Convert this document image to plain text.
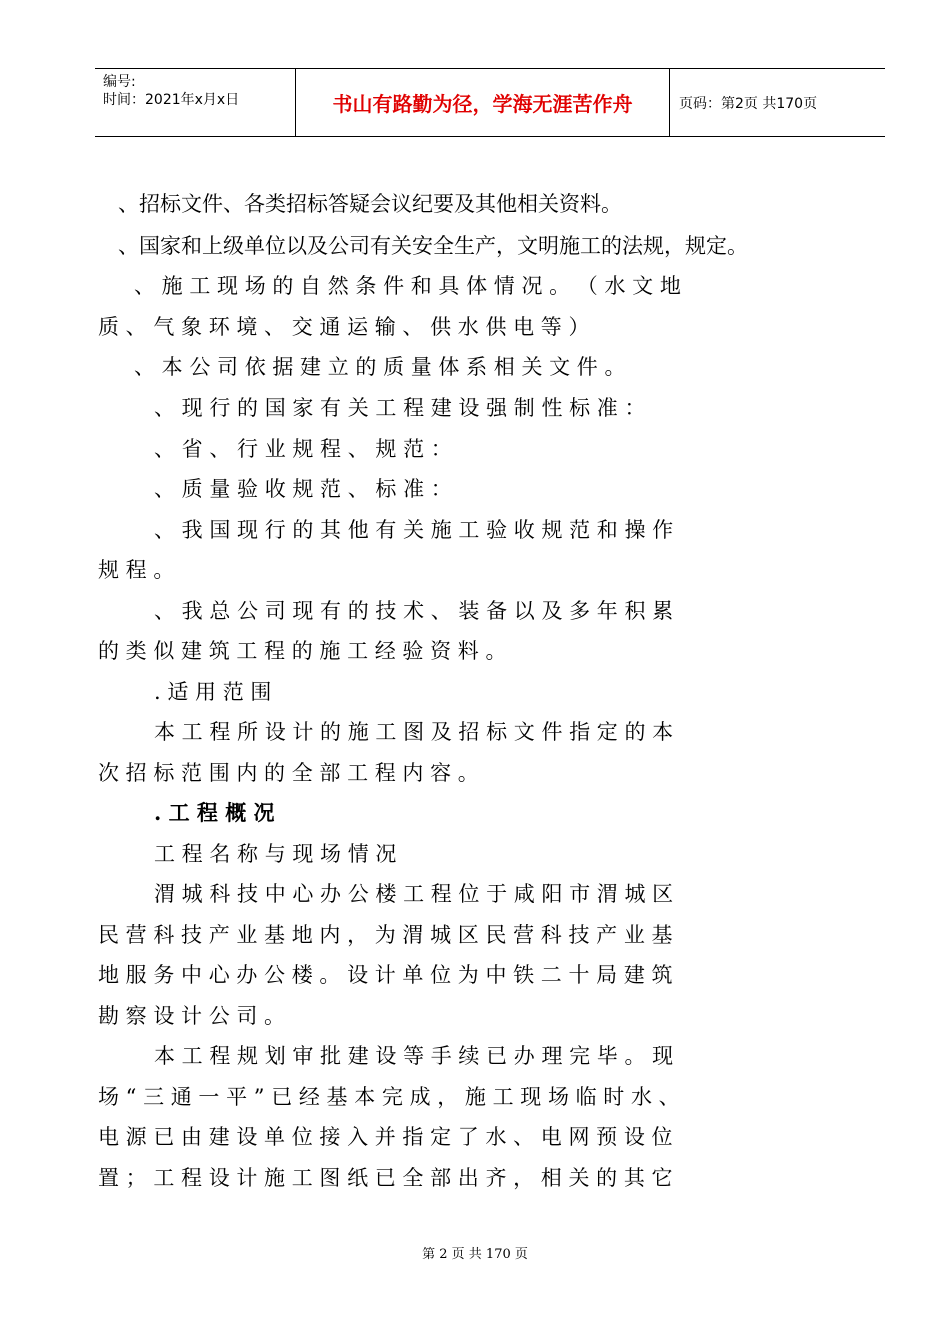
编号:
时间：2021年x月x日	书山有路勤为径，学海无涯苦作舟	页码：第2页 共170页
、招标文件、各类招标答疑会议纪要及其他相关资料。
、国家和上级单位以及公司有关安全生产，文明施工的法规，规定。
、 施 工 现 场 的 自 然 条 件 和 具 体 情 况 。 （ 水 文 地
质 、 气 象 环 境 、 交 通 运 输 、 供 水 供 电 等 ）
、 本 公 司 依 据 建 立 的 质 量 体 系 相 关 文 件 。
、 现 行 的 国 家 有 关 工 程 建 设 强 制 性 标 准 ：
、 省 、 行 业 规 程 、 规 范 ：
、 质 量 验 收 规 范 、 标 准 ：
、 我 国 现 行 的 其 他 有 关 施 工 验 收 规 范 和 操 作
规 程 。
、 我 总 公 司 现 有 的 技 术 、 装 备 以 及 多 年 积 累
的 类 似 建 筑 工 程 的 施 工 经 验 资 料 。
. 适 用 范 围
本 工 程 所 设 计 的 施 工 图 及 招 标 文 件 指 定 的 本
次 招 标 范 围 内 的 全 部 工 程 内 容 。
. 工 程 概 况
工 程 名 称 与 现 场 情 况
渭 城 科 技 中 心 办 公 楼 工 程 位 于 咸 阳 市 渭 城 区
民 营 科 技 产 业 基 地 内 ， 为 渭 城 区 民 营 科 技 产 业 基
地 服 务 中 心 办 公 楼 。 设 计 单 位 为 中 铁 二 十 局 建 筑
勘 察 设 计 公 司 。
本 工 程 规 划 审 批 建 设 等 手 续 已 办 理 完 毕 。 现
场 “ 三 通 一 平 ” 已 经 基 本 完 成 ， 施 工 现 场 临 时 水 、
电 源 已 由 建 设 单 位 接 入 并 指 定 了 水 、 电 网 预 设 位
置 ； 工 程 设 计 施 工 图 纸 已 全 部 出 齐 ， 相 关 的 其 它
第 2 页 共 170 页
